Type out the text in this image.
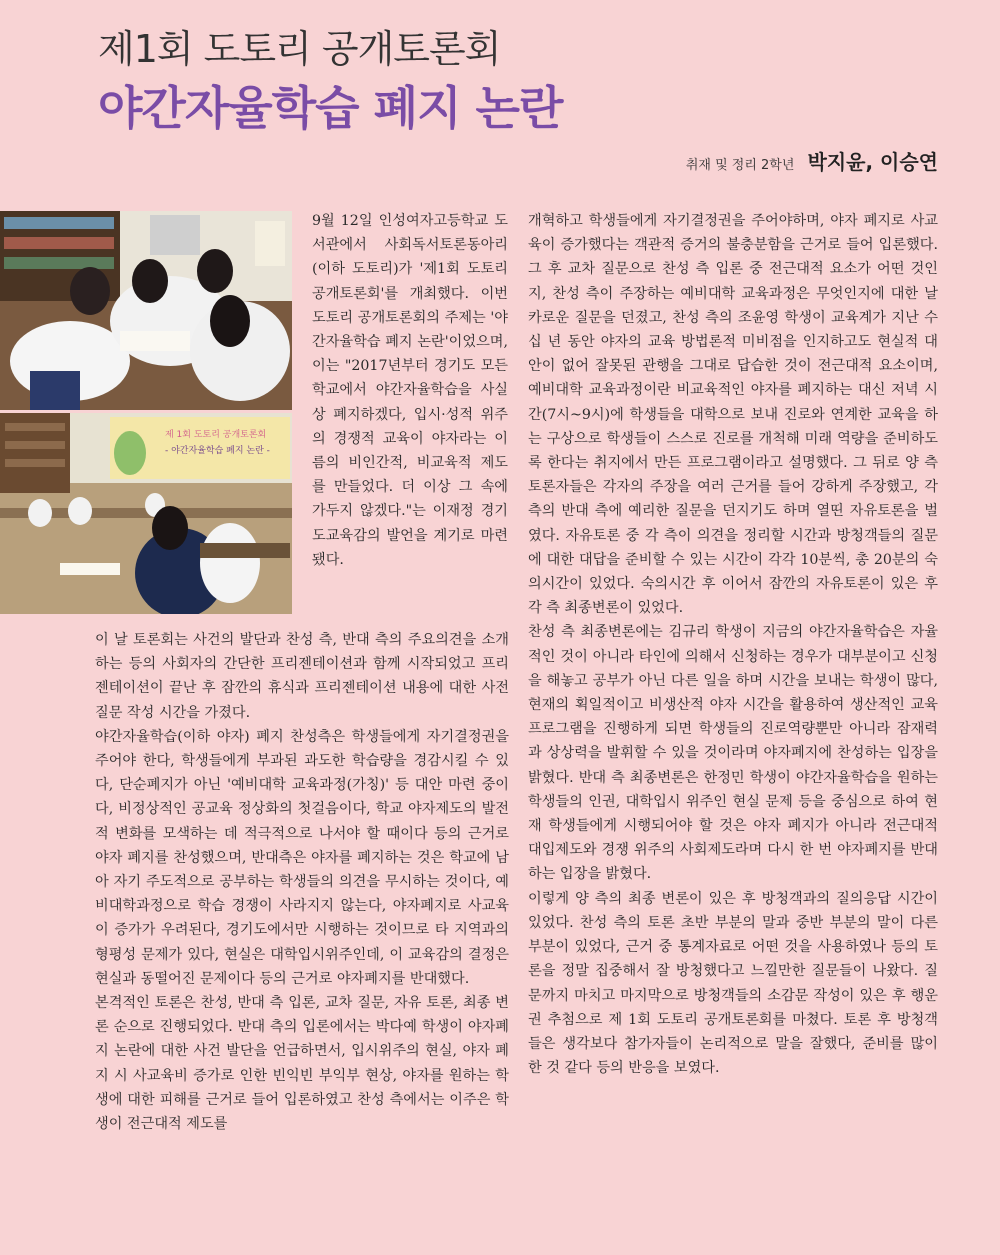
제1회 도토리 공개토론회
야간자율학습 폐지 논란
취재 및 정리 2학년 박지윤, 이승연
제 1회 도토리 공개토론회
- 야간자율학습 폐지 논란 -

9월 12일 인성여자고등학교 도서관에서 사회독서토론동아리(이하 도토리)가 '제1회 도토리 공개토론회'를 개최했다. 이번 도토리 공개토론회의 주제는 '야간자율학습 폐지 논란'이었으며, 이는 "2017년부터 경기도 모든 학교에서 야간자율학습을 사실상 폐지하겠다, 입시·성적 위주의 경쟁적 교육이 야자라는 이름의 비인간적, 비교육적 제도를 만들었다. 더 이상 그 속에 가두지 않겠다."는 이재정 경기도교육감의 발언을 계기로 마련됐다.

이 날 토론회는 사건의 발단과 찬성 측, 반대 측의 주요의견을 소개하는 등의 사회자의 간단한 프리젠테이션과 함께 시작되었고 프리젠테이션이 끝난 후 잠깐의 휴식과 프리젠테이션 내용에 대한 사전 질문 작성 시간을 가졌다.

야간자율학습(이하 야자) 폐지 찬성측은 학생들에게 자기결정권을 주어야 한다, 학생들에게 부과된 과도한 학습량을 경감시킬 수 있다, 단순폐지가 아닌 '예비대학 교육과정(가칭)' 등 대안 마련 중이다, 비정상적인 공교육 정상화의 첫걸음이다, 학교 야자제도의 발전적 변화를 모색하는 데 적극적으로 나서야 할 때이다 등의 근거로 야자 폐지를 찬성했으며, 반대측은 야자를 폐지하는 것은 학교에 남아 자기 주도적으로 공부하는 학생들의 의견을 무시하는 것이다, 예비대학과정으로 학습 경쟁이 사라지지 않는다, 야자폐지로 사교육이 증가가 우려된다, 경기도에서만 시행하는 것이므로 타 지역과의 형평성 문제가 있다, 현실은 대학입시위주인데, 이 교육감의 결정은 현실과 동떨어진 문제이다 등의 근거로 야자폐지를 반대했다.

본격적인 토론은 찬성, 반대 측 입론, 교차 질문, 자유 토론, 최종 변론 순으로 진행되었다. 반대 측의 입론에서는 박다예 학생이 야자폐지 논란에 대한 사건 발단을 언급하면서, 입시위주의 현실, 야자 폐지 시 사교육비 증가로 인한 빈익빈 부익부 현상, 야자를 원하는 학생에 대한 피해를 근거로 들어 입론하였고 찬성 측에서는 이주은 학생이 전근대적 제도를

개혁하고 학생들에게 자기결정권을 주어야하며, 야자 폐지로 사교육이 증가했다는 객관적 증거의 불충분함을 근거로 들어 입론했다. 그 후 교차 질문으로 찬성 측 입론 중 전근대적 요소가 어떤 것인지, 찬성 측이 주장하는 예비대학 교육과정은 무엇인지에 대한 날카로운 질문을 던졌고, 찬성 측의 조윤영 학생이 교육계가 지난 수십 년 동안 야자의 교육 방법론적 미비점을 인지하고도 현실적 대안이 없어 잘못된 관행을 그대로 답습한 것이 전근대적 요소이며, 예비대학 교육과정이란 비교육적인 야자를 폐지하는 대신 저녁 시간(7시~9시)에 학생들을 대학으로 보내 진로와 연계한 교육을 하는 구상으로 학생들이 스스로 진로를 개척해 미래 역량을 준비하도록 한다는 취지에서 만든 프로그램이라고 설명했다. 그 뒤로 양 측 토론자들은 각자의 주장을 여러 근거를 들어 강하게 주장했고, 각 측의 반대 측에 예리한 질문을 던지기도 하며 열띤 자유토론을 벌였다. 자유토론 중 각 측이 의견을 정리할 시간과 방청객들의 질문에 대한 대답을 준비할 수 있는 시간이 각각 10분씩, 총 20분의 숙의시간이 있었다. 숙의시간 후 이어서 잠깐의 자유토론이 있은 후 각 측 최종변론이 있었다.

찬성 측 최종변론에는 김규리 학생이 지금의 야간자율학습은 자율적인 것이 아니라 타인에 의해서 신청하는 경우가 대부분이고 신청을 해놓고 공부가 아닌 다른 일을 하며 시간을 보내는 학생이 많다, 현재의 획일적이고 비생산적 야자 시간을 활용하여 생산적인 교육 프로그램을 진행하게 되면 학생들의 진로역량뿐만 아니라 잠재력과 상상력을 발휘할 수 있을 것이라며 야자폐지에 찬성하는 입장을 밝혔다. 반대 측 최종변론은 한정민 학생이 야간자율학습을 원하는 학생들의 인권, 대학입시 위주인 현실 문제 등을 중심으로 하여 현재 학생들에게 시행되어야 할 것은 야자 폐지가 아니라 전근대적 대입제도와 경쟁 위주의 사회제도라며 다시 한 번 야자폐지를 반대하는 입장을 밝혔다.

이렇게 양 측의 최종 변론이 있은 후 방청객과의 질의응답 시간이 있었다. 찬성 측의 토론 초반 부분의 말과 중반 부분의 말이 다른 부분이 있었다, 근거 중 통계자료로 어떤 것을 사용하였나 등의 토론을 정말 집중해서 잘 방청했다고 느낄만한 질문들이 나왔다. 질문까지 마치고 마지막으로 방청객들의 소감문 작성이 있은 후 행운권 추첨으로 제 1회 도토리 공개토론회를 마쳤다. 토론 후 방청객들은 생각보다 참가자들이 논리적으로 말을 잘했다, 준비를 많이 한 것 같다 등의 반응을 보였다.
